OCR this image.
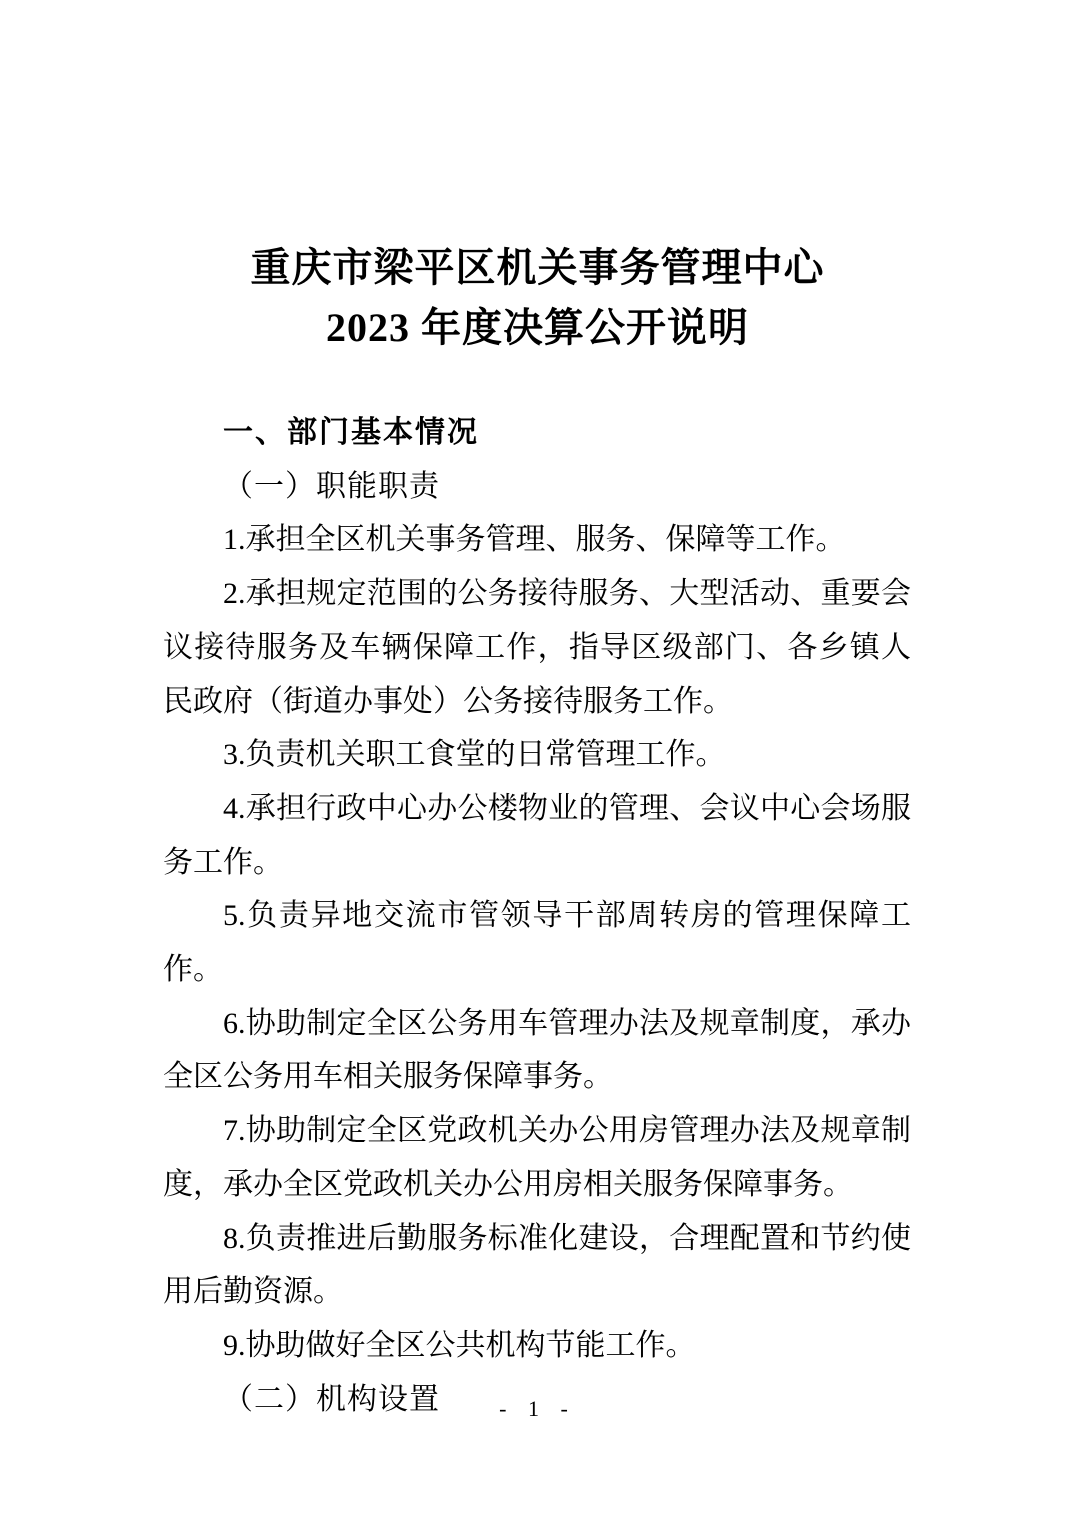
重庆市梁平区机关事务管理中心
2023 年度决算公开说明
一、部门基本情况
（一）职能职责
1.承担全区机关事务管理、服务、保障等工作。
2.承担规定范围的公务接待服务、大型活动、重要会议接待服务及车辆保障工作，指导区级部门、各乡镇人民政府（街道办事处）公务接待服务工作。
3.负责机关职工食堂的日常管理工作。
4.承担行政中心办公楼物业的管理、会议中心会场服务工作。
5.负责异地交流市管领导干部周转房的管理保障工作。
6.协助制定全区公务用车管理办法及规章制度，承办全区公务用车相关服务保障事务。
7.协助制定全区党政机关办公用房管理办法及规章制度，承办全区党政机关办公用房相关服务保障事务。
8.负责推进后勤服务标准化建设，合理配置和节约使用后勤资源。
9.协助做好全区公共机构节能工作。
（二）机构设置	- 1 -
